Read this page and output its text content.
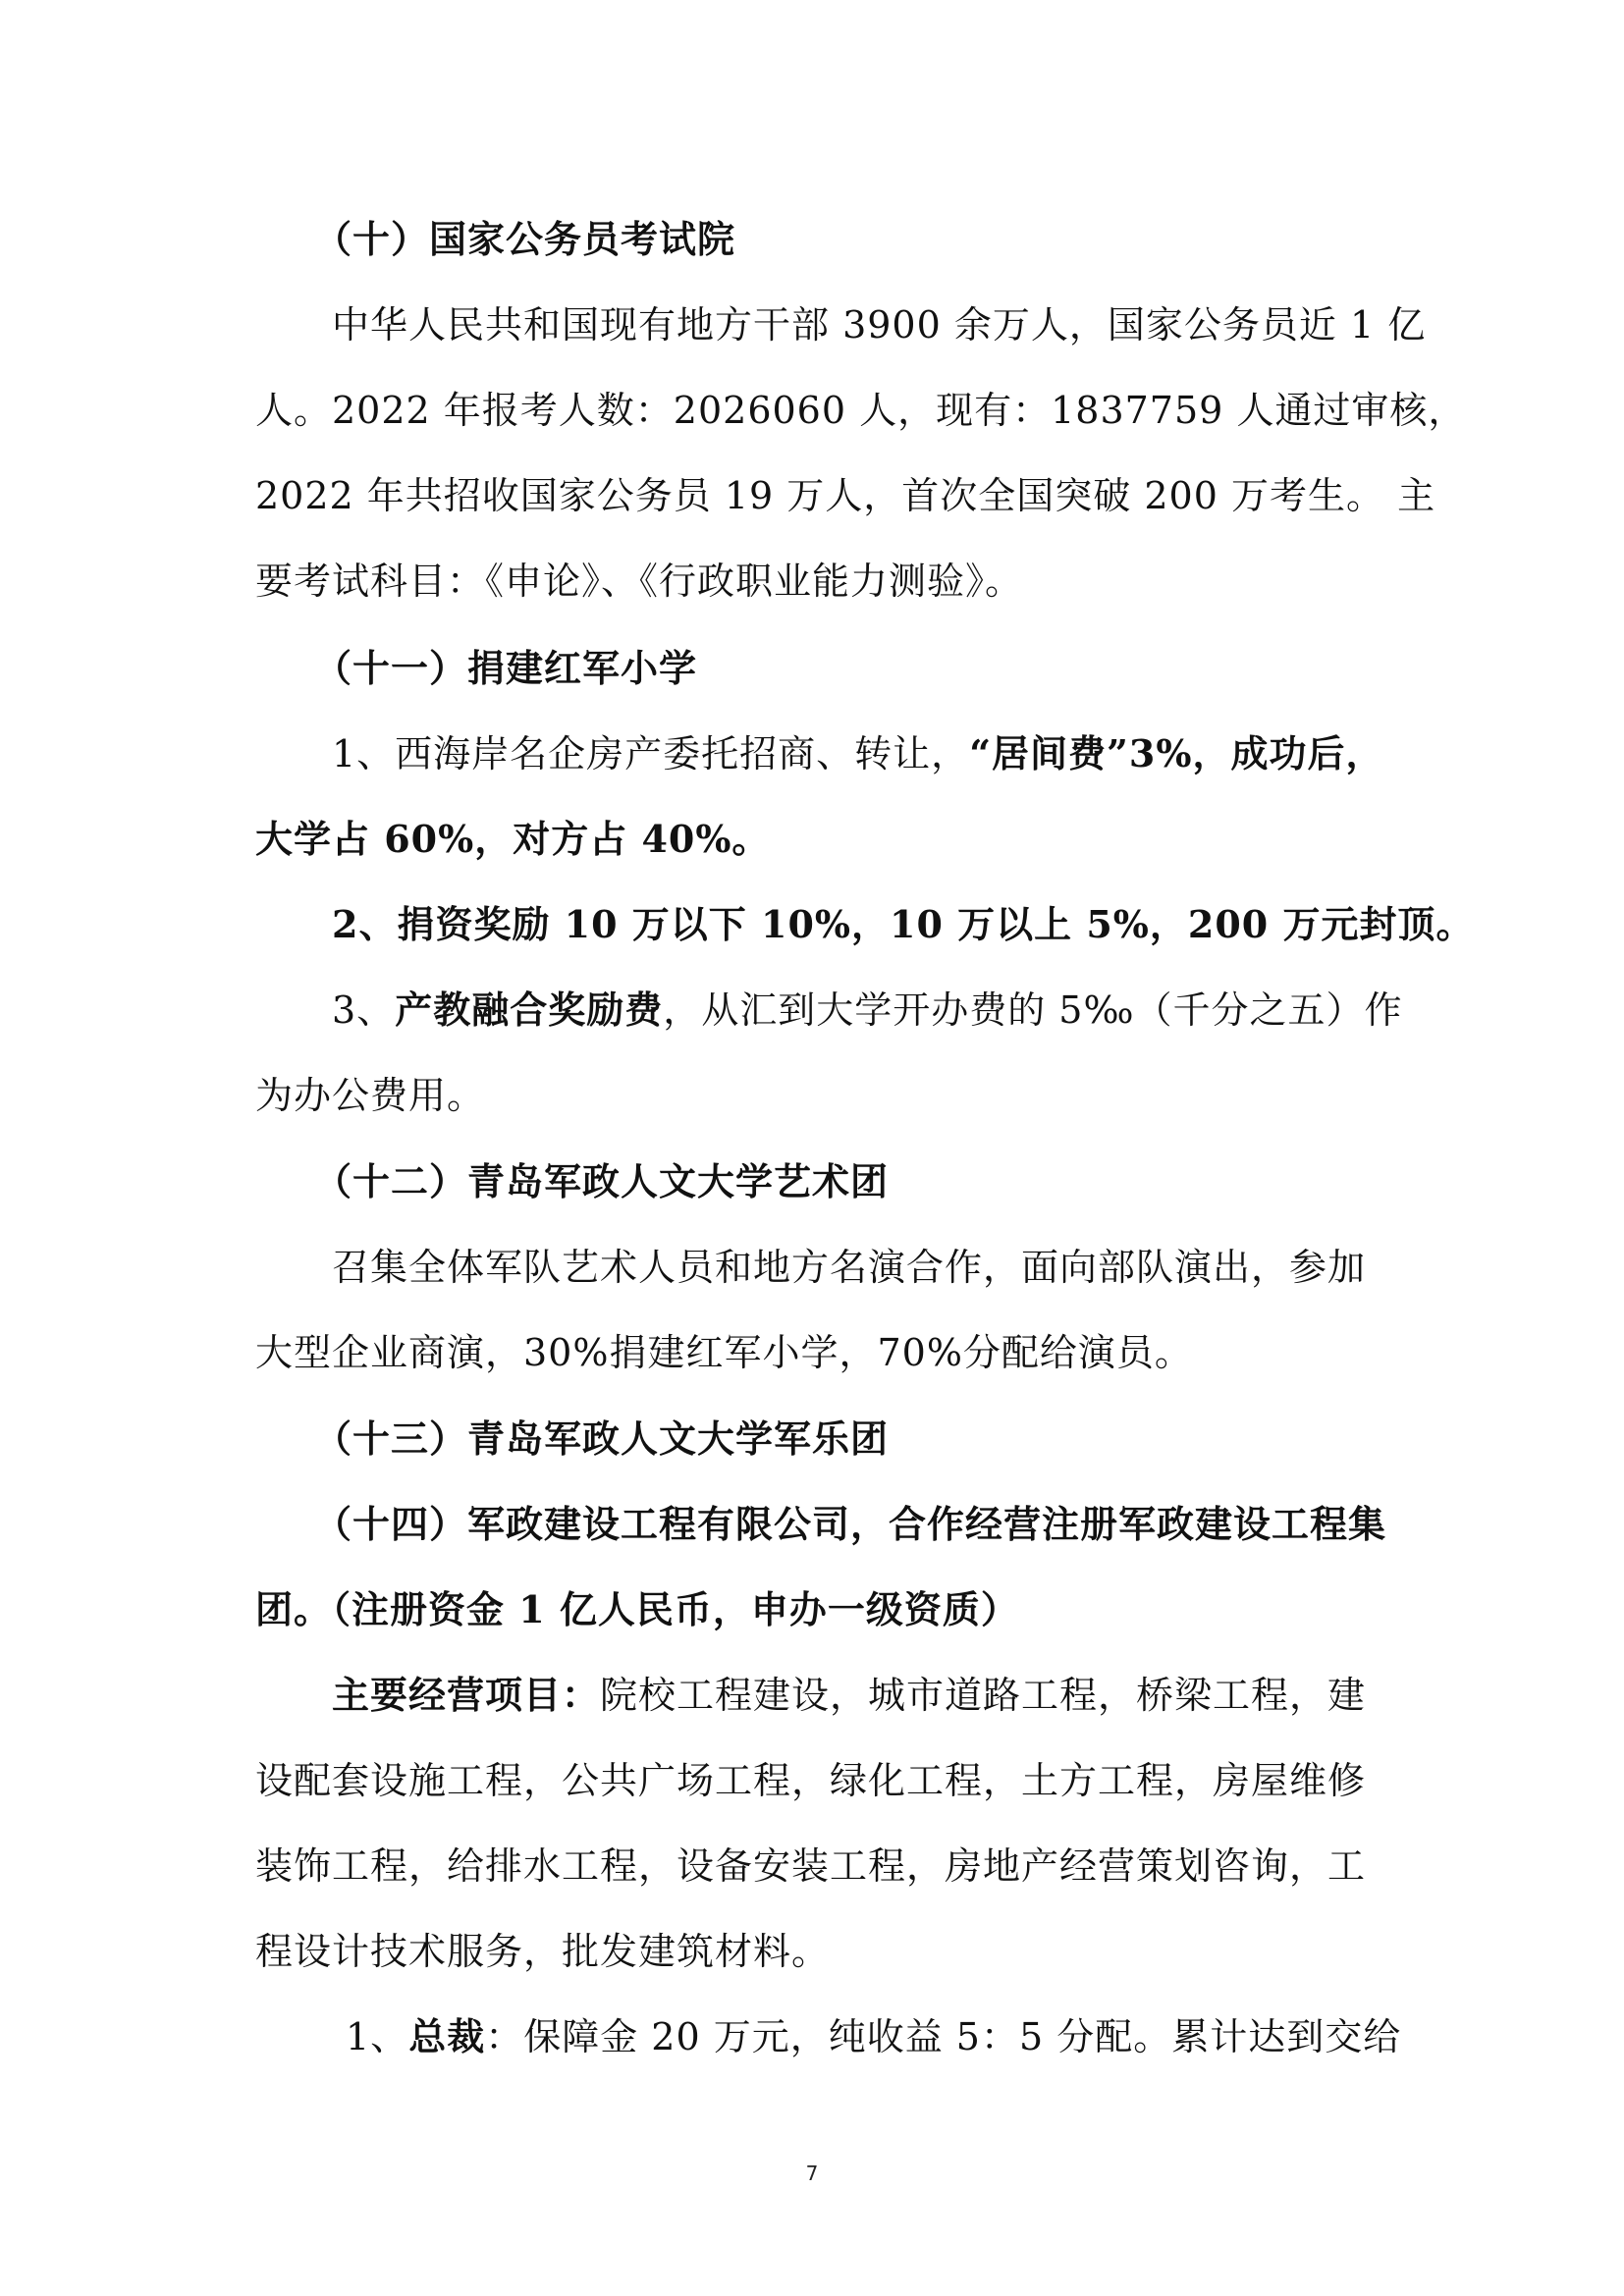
（十）国家公务员考试院
中华人民共和国现有地方干部 3900 余万人，国家公务员近 1 亿
人。2022 年报考人数：2026060 人，现有：1837759 人通过审核，
2022 年共招收国家公务员 19 万人，首次全国突破 200 万考生。 主
要考试科目：《申论》、《行政职业能力测验》。
（十一）捐建红军小学
1、西海岸名企房产委托招商、转让，“居间费”3%，成功后，
大学占 60%，对方占 40%。
2、捐资奖励 10 万以下 10%，10 万以上 5%，200 万元封顶。
3、产教融合奖励费，从汇到大学开办费的 5‰（千分之五）作
为办公费用。
（十二）青岛军政人文大学艺术团
召集全体军队艺术人员和地方名演合作，面向部队演出，参加
大型企业商演，30%捐建红军小学，70%分配给演员。
（十三）青岛军政人文大学军乐团
（十四）军政建设工程有限公司，合作经营注册军政建设工程集
团。（注册资金 1 亿人民币，申办一级资质）
主要经营项目：院校工程建设，城市道路工程，桥梁工程，建
设配套设施工程，公共广场工程，绿化工程，土方工程，房屋维修
装饰工程，给排水工程，设备安装工程，房地产经营策划咨询，工
程设计技术服务，批发建筑材料。
1、总裁：保障金 20 万元，纯收益 5：5 分配。累计达到交给
7
